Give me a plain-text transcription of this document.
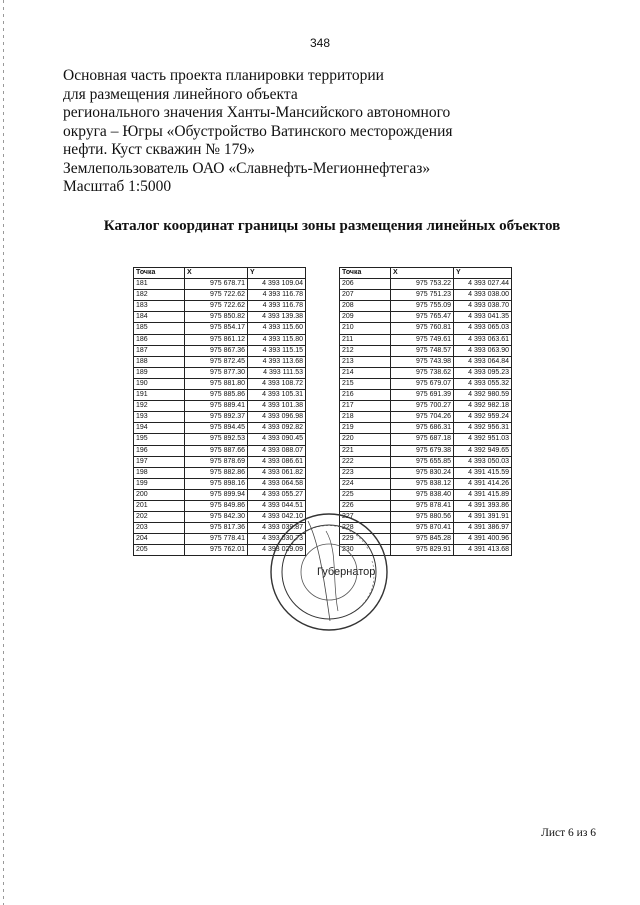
348
Основная часть проекта планировки территории
для размещения линейного объекта
регионального значения Ханты-Мансийского автономного
округа – Югры «Обустройство Ватинского месторождения
нефти. Куст скважин № 179»
Землепользователь ОАО «Славнефть-Мегионнефтегаз»
Масштаб 1:5000
Каталог координат границы зоны размещения линейных объектов
Точка	X	Y
181	975 678.71	4 393 109.04
182	975 722.62	4 393 116.78
183	975 722.62	4 393 116.78
184	975 850.82	4 393 139.38
185	975 854.17	4 393 115.60
186	975 861.12	4 393 115.80
187	975 867.36	4 393 115.15
188	975 872.45	4 393 113.68
189	975 877.30	4 393 111.53
190	975 881.80	4 393 108.72
191	975 885.86	4 393 105.31
192	975 889.41	4 393 101.38
193	975 892.37	4 393 096.98
194	975 894.45	4 393 092.82
195	975 892.53	4 393 090.45
196	975 887.66	4 393 088.07
197	975 878.69	4 393 086.61
198	975 882.86	4 393 061.82
199	975 898.16	4 393 064.58
200	975 899.94	4 393 055.27
201	975 849.86	4 393 044.51
202	975 842.30	4 393 042.10
203	975 817.36	4 393 039.87
204	975 778.41	4 393 030.73
205	975 762.01	4 393 029.09
Точка	X	Y
206	975 753.22	4 393 027.44
207	975 751.23	4 393 038.00
208	975 755.09	4 393 038.70
209	975 765.47	4 393 041.35
210	975 760.81	4 393 065.03
211	975 749.61	4 393 063.61
212	975 748.57	4 393 063.90
213	975 743.98	4 393 064.84
214	975 738.62	4 393 095.23
215	975 679.07	4 393 055.32
216	975 691.39	4 392 980.59
217	975 700.27	4 392 982.18
218	975 704.26	4 392 959.24
219	975 686.31	4 392 956.31
220	975 687.18	4 392 951.03
221	975 679.38	4 392 949.65
222	975 655.85	4 393 050.03
223	975 830.24	4 391 415.59
224	975 838.12	4 391 414.26
225	975 838.40	4 391 415.89
226	975 878.41	4 391 393.86
227	975 880.56	4 391 391.91
228	975 870.41	4 391 386.97
229	975 845.28	4 391 400.96
230	975 829.91	4 391 413.68
Губернатор
Лист 6 из 6
